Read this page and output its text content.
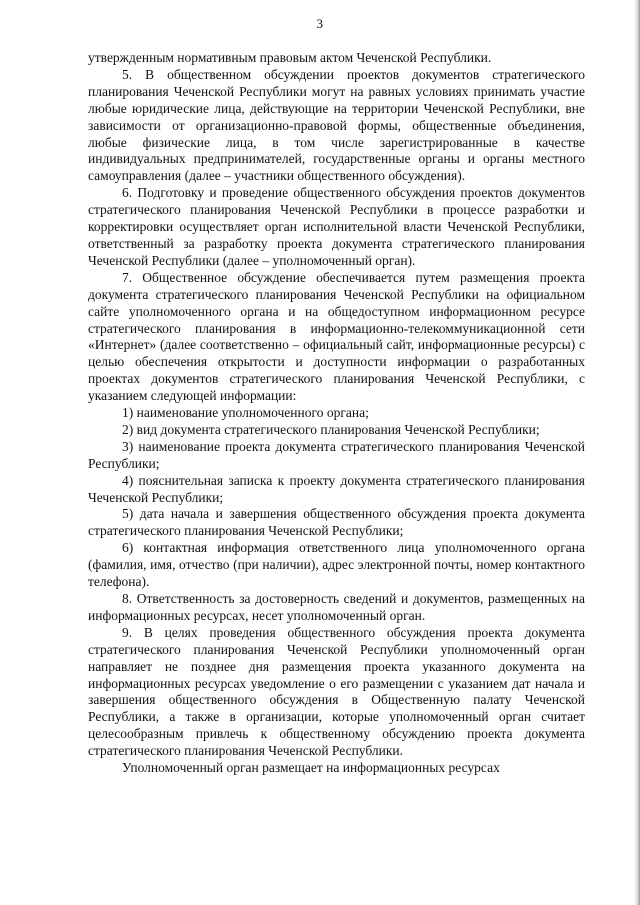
3

утвержденным нормативным правовым актом Чеченской Республики.

5. В общественном обсуждении проектов документов стратегического планирования Чеченской Республики могут на равных условиях принимать участие любые юридические лица, действующие на территории Чеченской Республики, вне зависимости от организационно-правовой формы, общественные объединения, любые физические лица, в том числе зарегистрированные в качестве индивидуальных предпринимателей, государственные органы и органы местного самоуправления (далее – участники общественного обсуждения).

6. Подготовку и проведение общественного обсуждения проектов документов стратегического планирования Чеченской Республики в процессе разработки и корректировки осуществляет орган исполнительной власти Чеченской Республики, ответственный за разработку проекта документа стратегического планирования Чеченской Республики (далее – уполномоченный орган).

7. Общественное обсуждение обеспечивается путем размещения проекта документа стратегического планирования Чеченской Республики на официальном сайте уполномоченного органа и на общедоступном информационном ресурсе стратегического планирования в информационно-телекоммуникационной сети «Интернет» (далее соответственно – официальный сайт, информационные ресурсы) с целью обеспечения открытости и доступности информации о разработанных проектах документов стратегического планирования Чеченской Республики, с указанием следующей информации:

1) наименование уполномоченного органа;

2) вид документа стратегического планирования Чеченской Республики;

3) наименование проекта документа стратегического планирования Чеченской Республики;

4) пояснительная записка к проекту документа стратегического планирования Чеченской Республики;

5) дата начала и завершения общественного обсуждения проекта документа стратегического планирования Чеченской Республики;

6) контактная информация ответственного лица уполномоченного органа (фамилия, имя, отчество (при наличии), адрес электронной почты, номер контактного телефона).

8. Ответственность за достоверность сведений и документов, размещенных на информационных ресурсах, несет уполномоченный орган.

9. В целях проведения общественного обсуждения проекта документа стратегического планирования Чеченской Республики уполномоченный орган направляет не позднее дня размещения проекта указанного документа на информационных ресурсах уведомление о его размещении с указанием дат начала и завершения общественного обсуждения в Общественную палату Чеченской Республики, а также в организации, которые уполномоченный орган считает целесообразным привлечь к общественному обсуждению проекта документа стратегического планирования Чеченской Республики.

Уполномоченный орган размещает на информационных ресурсах
